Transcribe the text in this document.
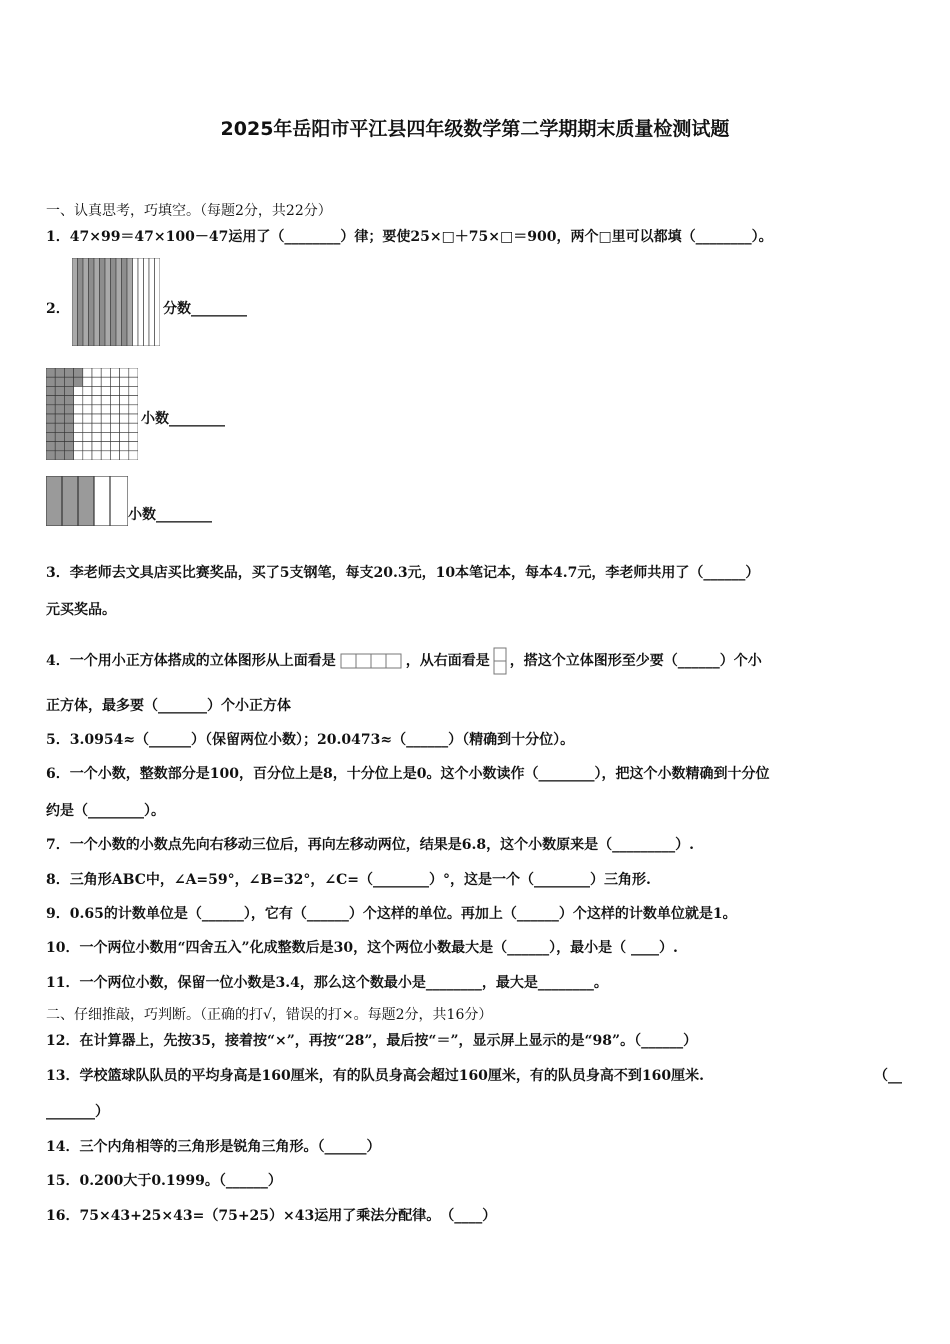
2025年岳阳市平江县四年级数学第二学期期末质量检测试题
一、认真思考，巧填空。（每题2分，共22分）
1．47×99＝47×100－47运用了（________）律；要使25×□＋75×□＝900，两个□里可以都填（________）。
2．	分数________
小数________
小数________
3．李老师去文具店买比赛奖品，买了5支钢笔，每支20.3元，10本笔记本，每本4.7元，李老师共用了（______）
元买奖品。
4．一个用小正方体搭成的立体图形从上面看是	，从右面看是 ，搭这个立体图形至少要（______）个小
正方体，最多要（_______）个小正方体
5．3.0954≈（______）（保留两位小数）；20.0473≈（______）（精确到十分位）。
6．一个小数，整数部分是100，百分位上是8，十分位上是0。这个小数读作（________），把这个小数精确到十分位
约是（________）。
7．一个小数的小数点先向右移动三位后，再向左移动两位，结果是6.8，这个小数原来是（_________）.
8．三角形ABC中，∠A=59°，∠B=32°，∠C=（________）°，这是一个（________）三角形.
9．0.65的计数单位是（______），它有（______）个这样的单位。再加上（______）个这样的计数单位就是1。
10．一个两位小数用“四舍五入”化成整数后是30，这个两位小数最大是（______），最小是（ ____）.
11．一个两位小数，保留一位小数是3.4，那么这个数最小是________，最大是________。
二、仔细推敲，巧判断。（正确的打√，错误的打×。每题2分，共16分）
12．在计算器上，先按35，接着按“×”，再按“28”，最后按“＝”，显示屏上显示的是“98”。（______）
13．学校篮球队队员的平均身高是160厘米，有的队员身高会超过160厘米，有的队员身高不到160厘米.	（__
_______）
14．三个内角相等的三角形是锐角三角形。（______）
15．0.200大于0.1999。（______）
16．75×43+25×43=（75+25）×43运用了乘法分配律。　（____）
